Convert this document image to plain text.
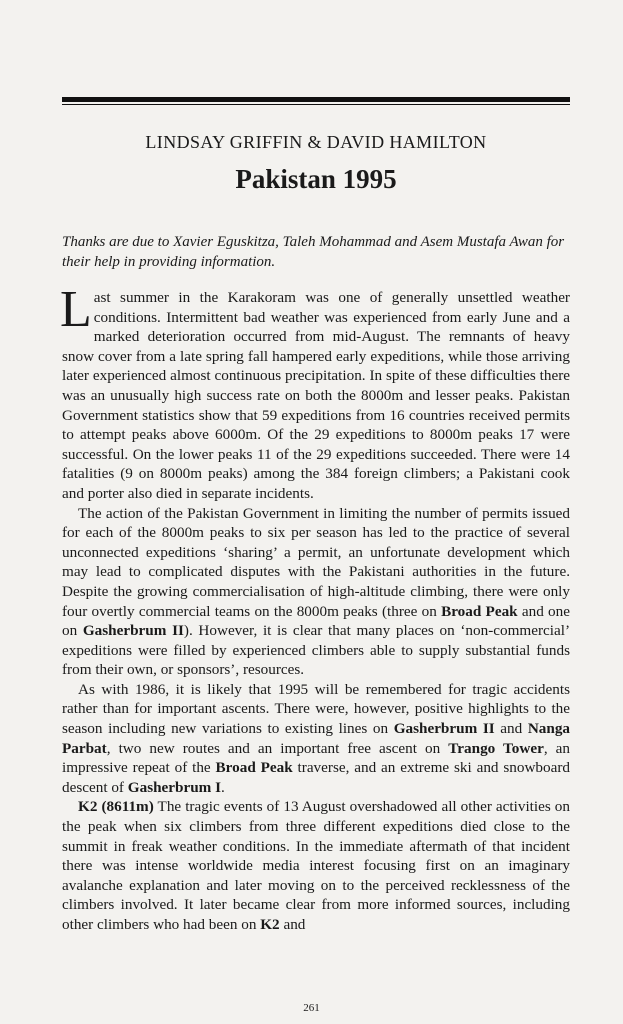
LINDSAY GRIFFIN & DAVID HAMILTON
Pakistan 1995
Thanks are due to Xavier Eguskitza, Taleh Mohammad and Asem Mustafa Awan for their help in providing information.

Last summer in the Karakoram was one of generally unsettled weather conditions. Intermittent bad weather was experienced from early June and a marked deterioration occurred from mid-August. The remnants of heavy snow cover from a late spring fall hampered early expeditions, while those arriving later experienced almost continuous precipitation. In spite of these difficulties there was an unusually high success rate on both the 8000m and lesser peaks. Pakistan Government statistics show that 59 expeditions from 16 countries received permits to attempt peaks above 6000m. Of the 29 expeditions to 8000m peaks 17 were successful. On the lower peaks 11 of the 29 expeditions succeeded. There were 14 fatalities (9 on 8000m peaks) among the 384 foreign climbers; a Pakistani cook and porter also died in separate incidents.

The action of the Pakistan Government in limiting the number of permits issued for each of the 8000m peaks to six per season has led to the practice of several unconnected expeditions ‘sharing’ a permit, an unfortunate development which may lead to complicated disputes with the Pakistani authorities in the future. Despite the growing commercialisation of high-altitude climbing, there were only four overtly commercial teams on the 8000m peaks (three on Broad Peak and one on Gasherbrum II). However, it is clear that many places on ‘non-commercial’ expeditions were filled by experienced climbers able to supply substantial funds from their own, or sponsors’, resources.

As with 1986, it is likely that 1995 will be remembered for tragic accidents rather than for important ascents. There were, however, positive highlights to the season including new variations to existing lines on Gasherbrum II and Nanga Parbat, two new routes and an important free ascent on Trango Tower, an impressive repeat of the Broad Peak traverse, and an extreme ski and snowboard descent of Gasherbrum I.

K2 (8611m) The tragic events of 13 August overshadowed all other activities on the peak when six climbers from three different expeditions died close to the summit in freak weather conditions. In the immediate aftermath of that incident there was intense worldwide media interest focusing first on an imaginary avalanche explanation and later moving on to the perceived recklessness of the climbers involved. It later became clear from more informed sources, including other climbers who had been on K2 and

261
